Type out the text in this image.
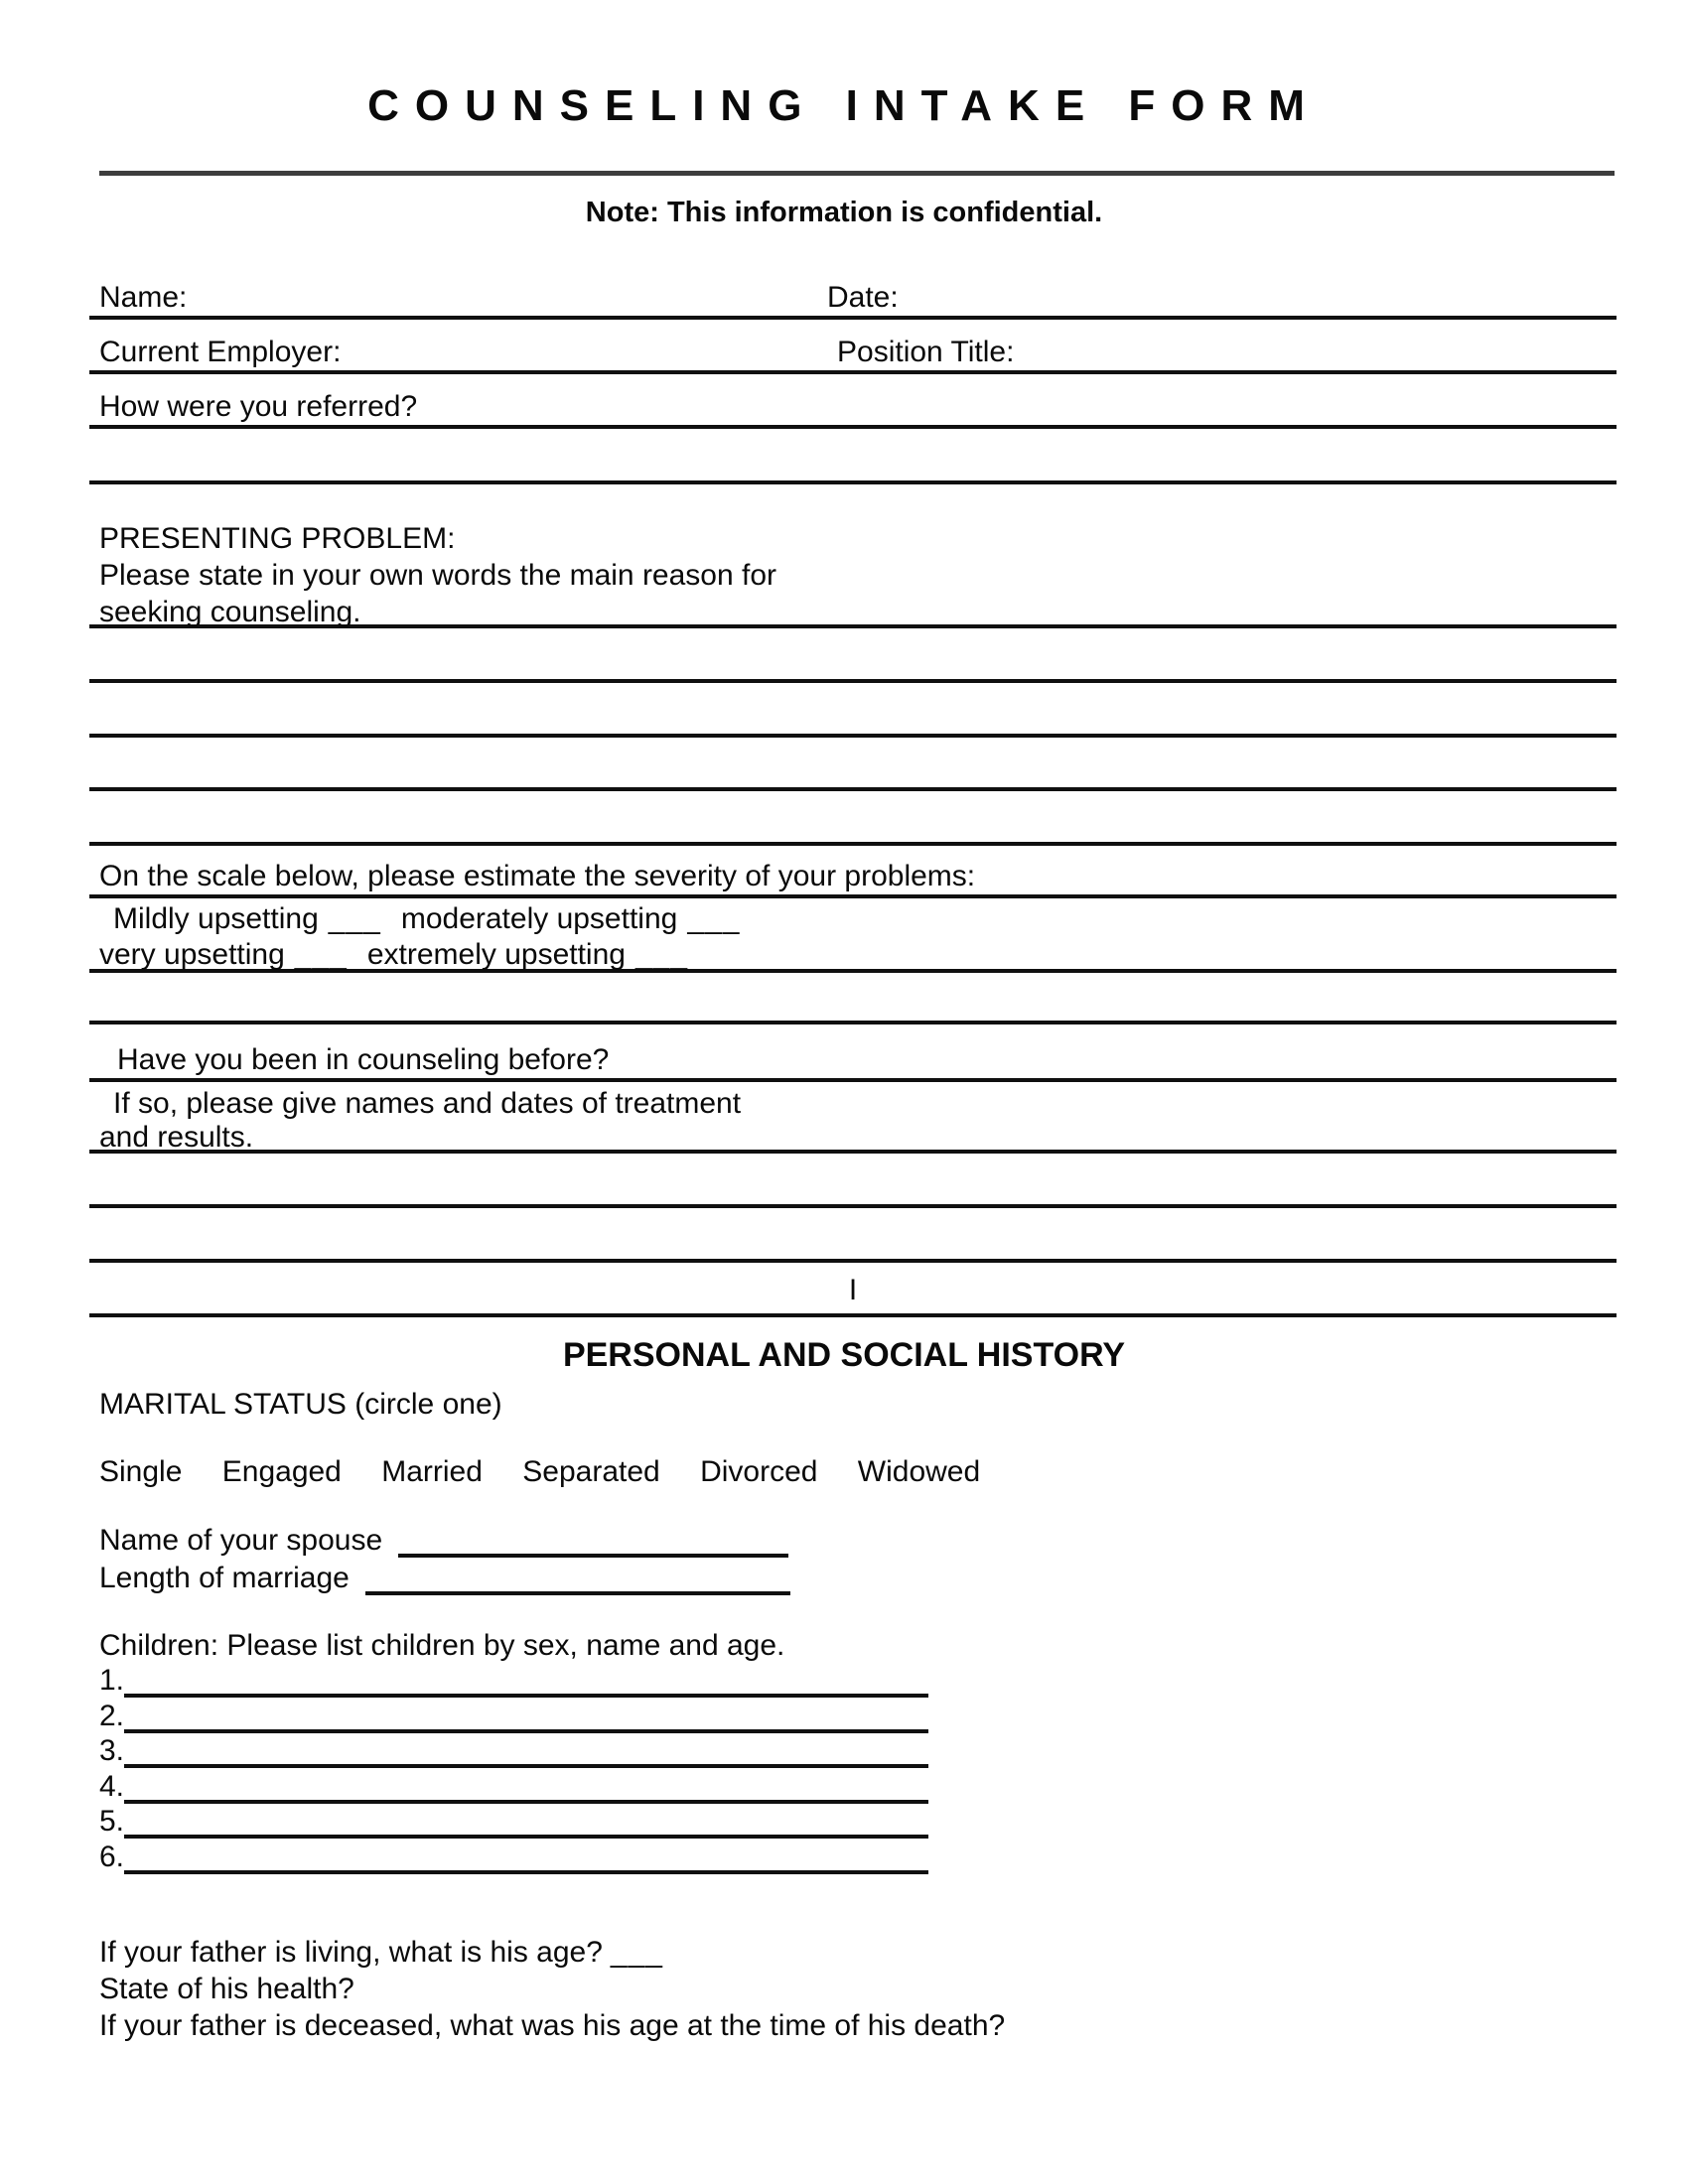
COUNSELING INTAKE FORM
Note: This information is confidential.
Name:	Date:
Current Employer:	Position Title:
How were you referred?
PRESENTING PROBLEM:
Please state in your own words the main reason for
seeking counseling.
On the scale below, please estimate the severity of your problems:
Mildly upsetting ___ moderately upsetting ___
very upsetting ___ extremely upsetting ___
Have you been in counseling before?
If so, please give names and dates of treatment
and results.
I
PERSONAL AND SOCIAL HISTORY
MARITAL STATUS (circle one)
Single Engaged Married Separated Divorced Widowed
Name of your spouse
Length of marriage
Children: Please list children by sex, name and age.
1.
2.
3.
4.
5.
6.
If your father is living, what is his age? ___
State of his health?
If your father is deceased, what was his age at the time of his death?
